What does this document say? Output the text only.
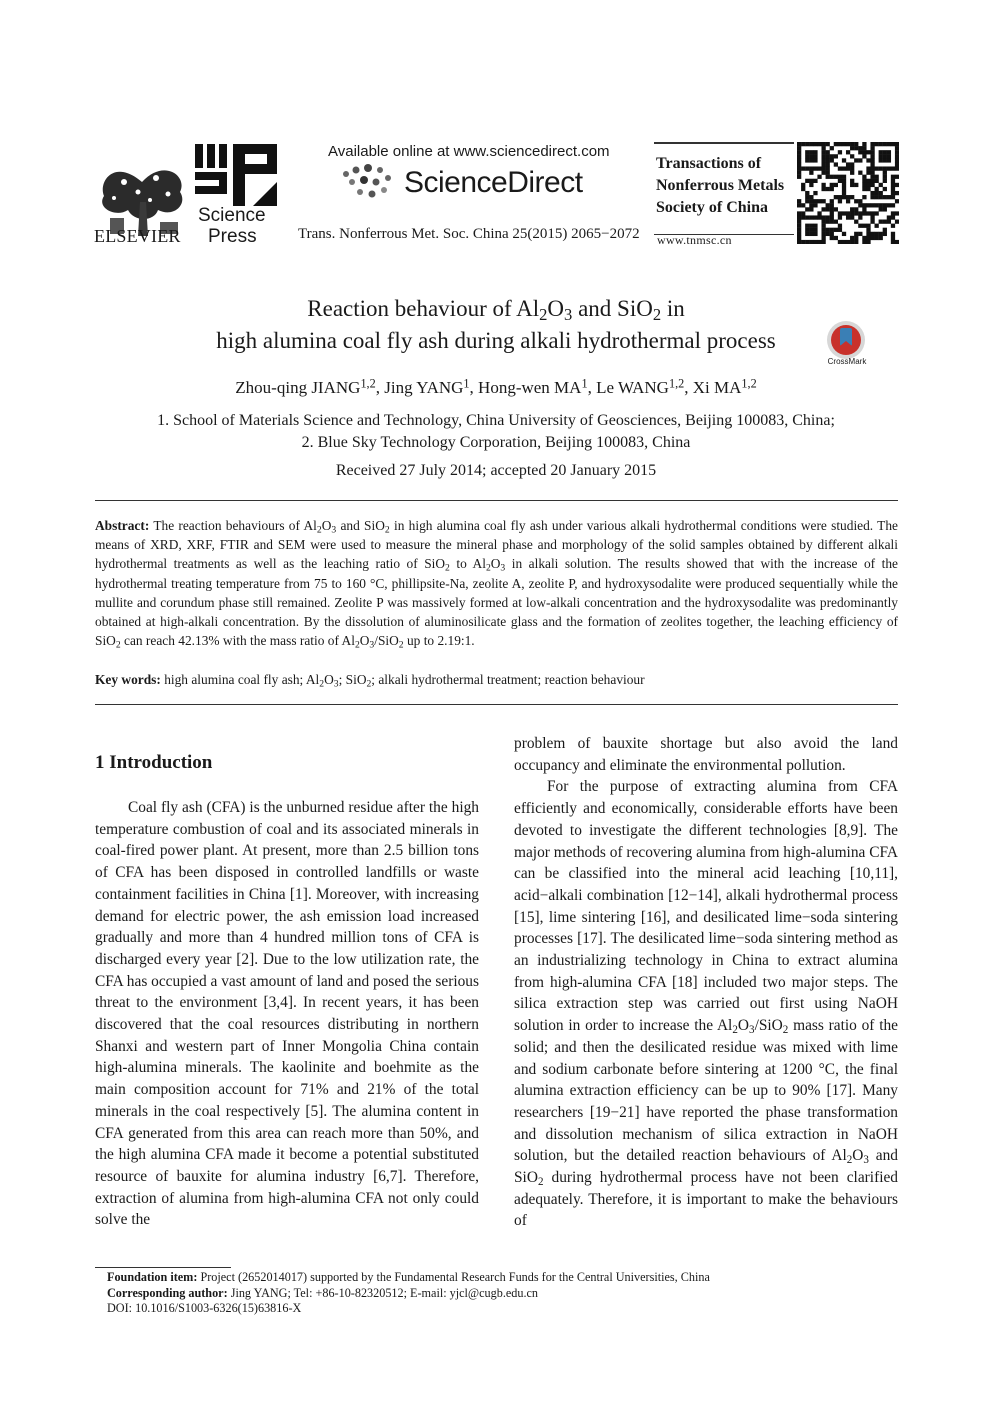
ELSEVIER
Science
Press
Available online at www.sciencedirect.com
ScienceDirect
Trans. Nonferrous Met. Soc. China 25(2015) 2065−2072
Transactions of
Nonferrous Metals
Society of China
www.tnmsc.cn
Reaction behaviour of $Al_2O_3$ and SiO$_2$ in
high alumina coal fly ash during alkali hydrothermal process
CrossMark
Zhou-qing JIANG$^{1,2}$, Jing YANG$^1$, Hong-wen $MA^1$, Le WANG$^{1,2}$, Xi MA$^{1,2}$
1. School of Materials Science and Technology, China University of Geosciences, Beijing 100083, China;
2. Blue Sky Technology Corporation, Beijing 100083, China
Received 27 July 2014; accepted 20 January 2015
Abstract: The reaction behaviours of $Al_2O_3$ and SiO$_2$ in high alumina coal fly ash under various alkali hydrothermal conditions were studied. The means of XRD, XRF, FTIR and SEM were used to measure the mineral phase and morphology of the solid samples obtained by different alkali hydrothermal treatments as well as the leaching ratio of SiO$_2$ to $Al_2O_3$ in alkali solution. The results showed that with the increase of the hydrothermal treating temperature from 75 to 160 °C, phillipsite-Na, zeolite A, zeolite P, and hydroxysodalite were produced sequentially while the mullite and corundum phase still remained. Zeolite P was massively formed at low-alkali concentration and the hydroxysodalite was predominantly obtained at high-alkali concentration. By the dissolution of aluminosilicate glass and the formation of zeolites together, the leaching efficiency of SiO$_2$ can reach 42.13% with the mass ratio of $Al_2O_3/SiO_2$ up to 2.19:1.
Key words: high alumina coal fly ash; $Al_2O_3$; SiO$_2$; alkali hydrothermal treatment; reaction behaviour
1 Introduction

Coal fly ash (CFA) is the unburned residue after the high temperature combustion of coal and its associated minerals in coal-fired power plant. At present, more than 2.5 billion tons of CFA has been disposed in controlled landfills or waste containment facilities in China [1]. Moreover, with increasing demand for electric power, the ash emission load increased gradually and more than 4 hundred million tons of CFA is discharged every year [2]. Due to the low utilization rate, the CFA has occupied a vast amount of land and posed the serious threat to the environment [3,4]. In recent years, it has been discovered that the coal resources distributing in northern Shanxi and western part of Inner Mongolia China contain high-alumina minerals. The kaolinite and boehmite as the main composition account for 71% and 21% of the total minerals in the coal respectively [5]. The alumina content in CFA generated from this area can reach more than 50%, and the high alumina CFA made it become a potential substituted resource of bauxite for alumina industry [6,7]. Therefore, extraction of alumina from high-alumina CFA not only could solve the

problem of bauxite shortage but also avoid the land occupancy and eliminate the environmental pollution.

For the purpose of extracting alumina from CFA efficiently and economically, considerable efforts have been devoted to investigate the different technologies [8,9]. The major methods of recovering alumina from high-alumina CFA can be classified into the mineral acid leaching [10,11], acid−alkali combination [12−14], alkali hydrothermal process [15], lime sintering [16], and desilicated lime−soda sintering processes [17]. The desilicated lime−soda sintering method as an industrializing technology in China to extract alumina from high-alumina CFA [18] included two major steps. The silica extraction step was carried out first using NaOH solution in order to increase the $Al_2O_3/SiO_2$ mass ratio of the solid; and then the desilicated residue was mixed with lime and sodium carbonate before sintering at 1200 °C, the final alumina extraction efficiency can be up to 90% [17]. Many researchers [19−21] have reported the phase transformation and dissolution mechanism of silica extraction in NaOH solution, but the detailed reaction behaviours of $Al_2O_3$ and SiO$_2$ during hydrothermal process have not been clarified adequately. Therefore, it is important to make the behaviours of

Foundation item: Project (2652014017) supported by the Fundamental Research Funds for the Central Universities, China
Corresponding author: Jing YANG; Tel: +86-10-82320512; E-mail: yjcl@cugb.edu.cn
DOI: 10.1016/S1003-6326(15)63816-X
